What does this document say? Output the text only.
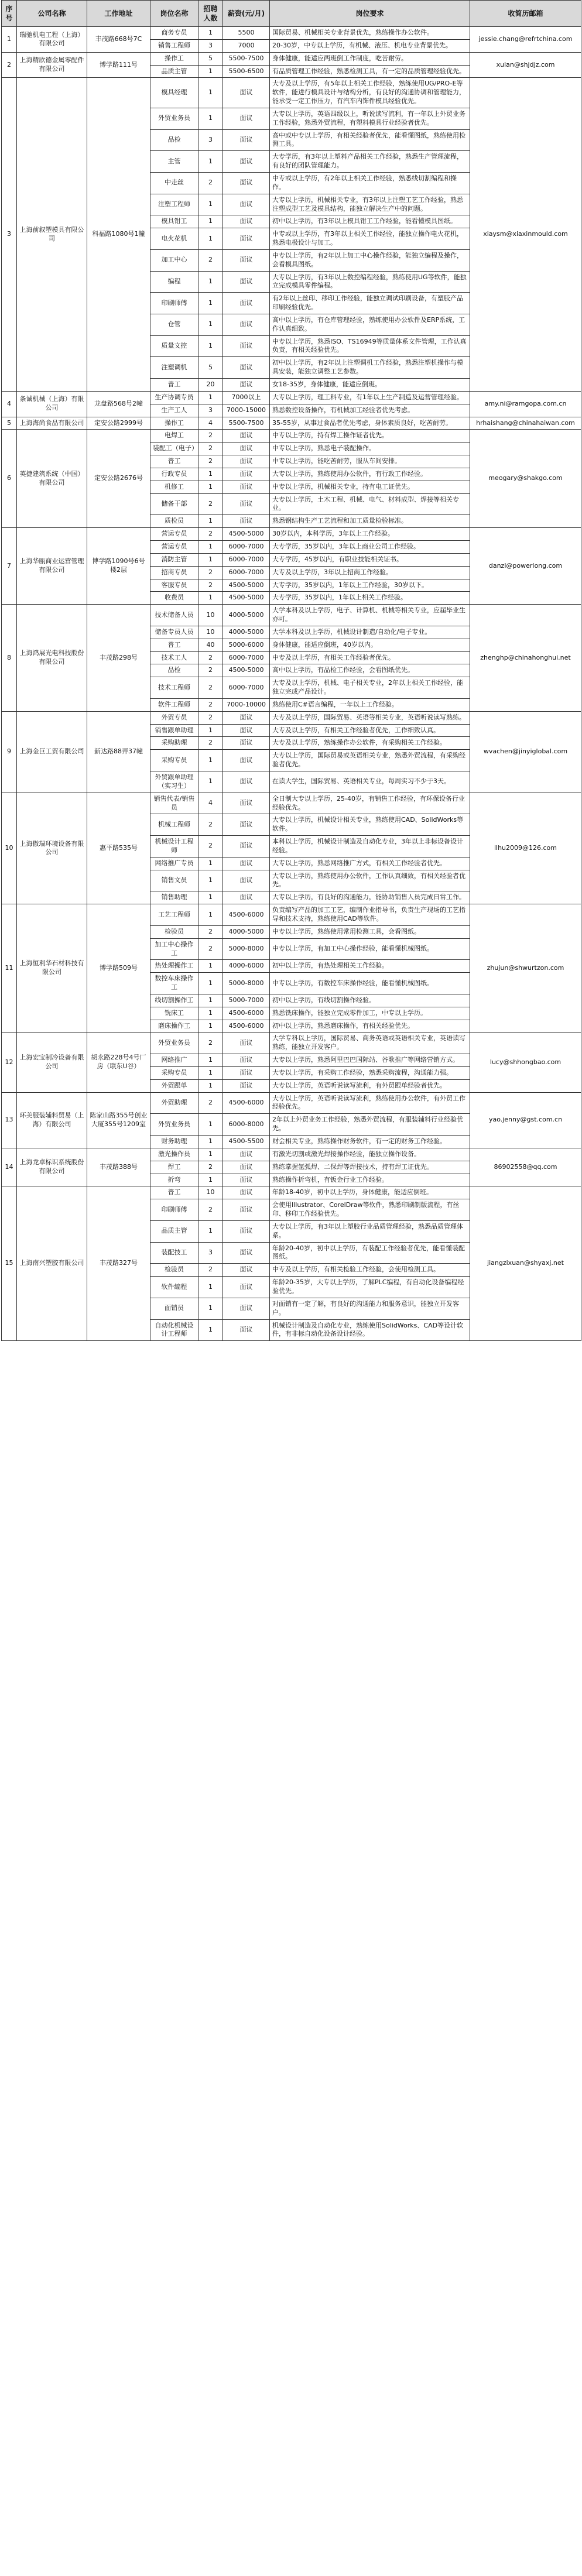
序号	公司名称	工作地址	岗位名称	招聘人数	薪资(元/月)	岗位要求	收简历邮箱
1	瑞驰机电工程（上海）有限公司	丰茂路668号7C	商务专员	1	5500	国际贸易、机械相关专业背景优先，熟练操作办公软件。	jessie.chang@refrtchina.com
			销售工程师	3	7000	20-30岁，中专以上学历，有机械、液压、机电专业背景优先。	
2	上海精欣德金属零配件有限公司	博学路111号	操作工	5	5500-7500	身体健康，能适应两班倒工作制度，吃苦耐劳。	xulan@shjdjz.com
			品质主管	1	5500-6500	有品质管理工作经验，熟悉检测工具，有一定的品质管理经验优先。	
3	上海前叙塑模具有限公司	科福路1080号1幢	模具经理	1	面议	大专及以上学历，有5年以上相关工作经验，熟练使用UG/PRO-E等软件，能进行模具设计与结构分析，有良好的沟通协调和管理能力，能承受一定工作压力，有汽车内饰件模具经验优先。	xiaysm@xiaxinmould.com
			外贸业务员	1	面议	大专以上学历，英语四级以上，听说读写流利，有一年以上外贸业务工作经验，熟悉外贸流程，有塑料模具行业经验者优先。	
			品检	3	面议	高中或中专以上学历，有相关经验者优先，能看懂图纸，熟练使用检测工具。	
			主管	1	面议	大专学历，有3年以上塑料产品相关工作经验，熟悉生产管理流程，有良好的团队管理能力。	
			中走丝	2	面议	中专或以上学历，有2年以上相关工作经验，熟悉线切割编程和操作。	
			注塑工程师	1	面议	大专以上学历，机械相关专业，有3年以上注塑工艺工作经验，熟悉注塑成型工艺及模具结构，能独立解决生产中的问题。	
			模具钳工	1	面议	初中以上学历，有3年以上模具钳工工作经验，能看懂模具图纸。	
			电火花机	1	面议	中专或以上学历，有3年以上相关工作经验，能独立操作电火花机，熟悉电极设计与加工。	
			加工中心	2	面议	中专以上学历，有2年以上加工中心操作经验，能独立编程及操作，会看模具图纸。	
			编程	1	面议	大专以上学历，有3年以上数控编程经验，熟练使用UG等软件，能独立完成模具零件编程。	
			印刷师傅	1	面议	有2年以上丝印、移印工作经验，能独立调试印刷设备，有塑胶产品印刷经验优先。	
			仓管	1	面议	高中以上学历，有仓库管理经验，熟练使用办公软件及ERP系统，工作认真细致。	
			质量文控	1	面议	中专以上学历，熟悉ISO、TS16949等质量体系文件管理，工作认真负责，有相关经验优先。	
			注塑调机	5	面议	初中以上学历，有2年以上注塑调机工作经验，熟悉注塑机操作与模具安装，能独立调整工艺参数。	
			普工	20	面议	女18-35岁，身体健康，能适应倒班。	
4	条诚机械（上海）有限公司	龙盘路568号2幢	生产协调专员	1	7000以上	大专以上学历，理工科专业，有1年以上生产制造及运营管理经验。	amy.ni@ramgopa.com.cn
			生产工人	3	7000-15000	熟悉数控设备操作，有机械加工经验者优先考虑。	
5	上海海尚食品有限公司	定安公路2999号	操作工	4	5500-7500	35-55岁，从事过食品者优先考虑，身体素质良好，吃苦耐劳。	hrhaishang@chinahaiwan.com
6	英捷建筑系统（中国）有限公司	定安公路2676号	电焊工	2	面议	中专以上学历，持有焊工操作证者优先。	meogary@shakgo.com
			装配工（电子）	2	面议	中专以上学历，熟悉电子装配操作。	
			普工	2	面议	中专以上学历，能吃苦耐劳，服从车间安排。	
			行政专员	1	面议	大专以上学历，熟练使用办公软件，有行政工作经验。	
			机修工	1	面议	中专以上学历，机械相关专业，持有电工证优先。	
			储备干部	2	面议	大专以上学历，土木工程、机械、电气、材料成型、焊接等相关专业。	
			质检员	1	面议	熟悉钢结构生产工艺流程和加工质量检验标准。	
7	上海华瓯商业运营管理有限公司	博学路1090号6号楼2层	营运专员	2	4500-5000	30岁以内，本科学历，3年以上工作经验。	danzl@powerlong.com
			营运专员	1	6000-7000	大专学历，35岁以内，3年以上商业公司工作经验。	
			消防主管	1	6000-7000	大专学历，45岁以内，有职业技能相关证书。	
			招商专员	2	6000-7000	大专及以上学历，3年以上招商工作经验。	
			客服专员	2	4500-5000	大专学历，35岁以内，1年以上工作经验，30岁以下。	
			收费员	1	4500-5000	大专学历，35岁以内，1年以上相关工作经验。	
8	上海鸿展光电科技股份有限公司	丰茂路298号	技术储备人员	10	4000-5000	大学本科及以上学历，电子、计算机、机械等相关专业，应届毕业生亦可。	zhenghp@chinahonghui.net
			储备专员人员	10	4000-5000	大学本科及以上学历，机械设计制造/自动化/电子专业。	
			普工	40	5000-6000	身体健康，能适应倒班，40岁以内。	
			技术工人	2	6000-7000	中专及以上学历，有相关工作经验者优先。	
			品检	2	4500-5000	高中以上学历，有品检工作经验，会看图纸优先。	
			技术工程师	2	6000-7000	大专及以上学历，机械、电子相关专业，2年以上相关工作经验，能独立完成产品设计。	
			软件工程师	2	7000-10000	熟练使用C#语言编程，一年以上工作经验。	
9	上海金巨工贸有限公司	新达路88弄37幢	外贸专员	2	面议	大专及以上学历，国际贸易、英语等相关专业，英语听说读写熟练。	wvachen@jinyiglobal.com
			销售跟单助理	1	面议	大专及以上学历，有相关工作经验者优先，工作细致认真。	
			采购助理	2	面议	大专及以上学历，熟练操作办公软件，有采购相关工作经验。	
			采购专员	1	面议	大专以上学历，国际贸易或英语相关专业，熟悉外贸流程，有采购经验者优先。	
			外贸跟单助理（实习生）	1	面议	在读大学生，国际贸易、英语相关专业，每周实习不少于3天。	
10	上海傲瑞环境设备有限公司	惠平路535号	销售代表/销售员	4	面议	全日制大专以上学历，25-40岁，有销售工作经验，有环保设备行业经验优先。	llhu2009@126.com
			机械工程师	2	面议	大专以上学历，机械设计相关专业，熟练使用CAD、SolidWorks等软件。	
			机械设计工程师	2	面议	本科以上学历，机械设计制造及自动化专业，3年以上非标设备设计经验。	
			网络推广专员	1	面议	大专以上学历，熟悉网络推广方式，有相关工作经验者优先。	
			销售文员	1	面议	大专以上学历，熟练使用办公软件，工作认真细致，有相关经验者优先。	
			销售助理	1	面议	大专以上学历，有良好的沟通能力，能协助销售人员完成日常工作。	
11	上海恒利华石材科技有限公司	博学路509号	工艺工程师	1	4500-6000	负责编写产品的加工工艺，编制作业指导书，负责生产现场的工艺指导和技术支持，熟练使用CAD等软件。	zhujun@shwurtzon.com
			检验员	2	4000-5000	中专以上学历，熟练使用常用检测工具，会看图纸。	
			加工中心操作工	2	5000-8000	中专以上学历，有加工中心操作经验，能看懂机械图纸。	
			热处理操作工	1	4000-6000	初中以上学历，有热处理相关工作经验。	
			数控车床操作工	1	5000-8000	中专以上学历，有数控车床操作经验，能看懂机械图纸。	
			线切割操作工	1	5000-7000	初中以上学历，有线切割操作经验。	
			铣床工	1	4500-6000	熟悉铣床操作，能独立完成零件加工，中专以上学历。	
			磨床操作工	1	4500-6000	初中以上学历，熟悉磨床操作，有相关经验优先。	
12	上海宏宝制冷设备有限公司	胡永路228号4号厂房（联东U谷）	外贸业务员	2	面议	大学专科以上学历，国际贸易、商务英语或英语相关专业，英语读写熟练，能独立开发客户。	lucy@shhongbao.com
			网络推广	1	面议	大专以上学历，熟悉阿里巴巴国际站、谷歌推广等网络营销方式。	
			采购专员	1	面议	大专以上学历，有采购工作经验，熟悉采购流程，沟通能力强。	
			外贸跟单	1	面议	大专以上学历，英语听说读写流利，有外贸跟单经验者优先。	
13	环美服装辅料贸易（上海）有限公司	陈家山路355号创业大厦355号1209室	外贸助理	2	4500-6000	大专以上学历，英语听说读写流利，熟练使用办公软件，有外贸工作经验优先。	yao.jenny@gst.com.cn
			外贸业务员	1	6000-8000	2年以上外贸业务工作经验，熟悉外贸流程，有服装辅料行业经验优先。	
			财务助理	1	4500-5500	财会相关专业，熟练操作财务软件，有一定的财务工作经验。	
14	上海龙卓标识系统股份有限公司	丰茂路388号	激光操作员	1	面议	有激光切割或激光焊接操作经验，能独立操作设备。	86902558@qq.com
			焊工	2	面议	熟练掌握氩弧焊、二保焊等焊接技术，持有焊工证优先。	
			折弯	1	面议	熟练操作折弯机，有钣金行业工作经验。	
15	上海南兴塑胶有限公司	丰茂路327号	普工	10	面议	年龄18-40岁，初中以上学历，身体健康，能适应倒班。	jiangzixuan@shyaxj.net
			印刷师傅	2	面议	会使用Illustrator、CorelDraw等软件，熟悉印刷制版流程，有丝印、移印工作经验优先。	
			品质主管	1	面议	大专以上学历，有3年以上塑胶行业品质管理经验，熟悉品质管理体系。	
			装配技工	3	面议	年龄20-40岁，初中以上学历，有装配工作经验者优先，能看懂装配图纸。	
			检验员	2	面议	中专及以上学历，有相关检验工作经验，会使用检测工具。	
			软件编程	1	面议	年龄20-35岁，大专以上学历，了解PLC编程，有自动化设备编程经验优先。	
			面销员	1	面议	对面销有一定了解，有良好的沟通能力和服务意识，能独立开发客户。	
			自动化机械设计工程师	1	面议	机械设计制造及自动化专业，熟练使用SolidWorks、CAD等设计软件，有非标自动化设备设计经验。	
